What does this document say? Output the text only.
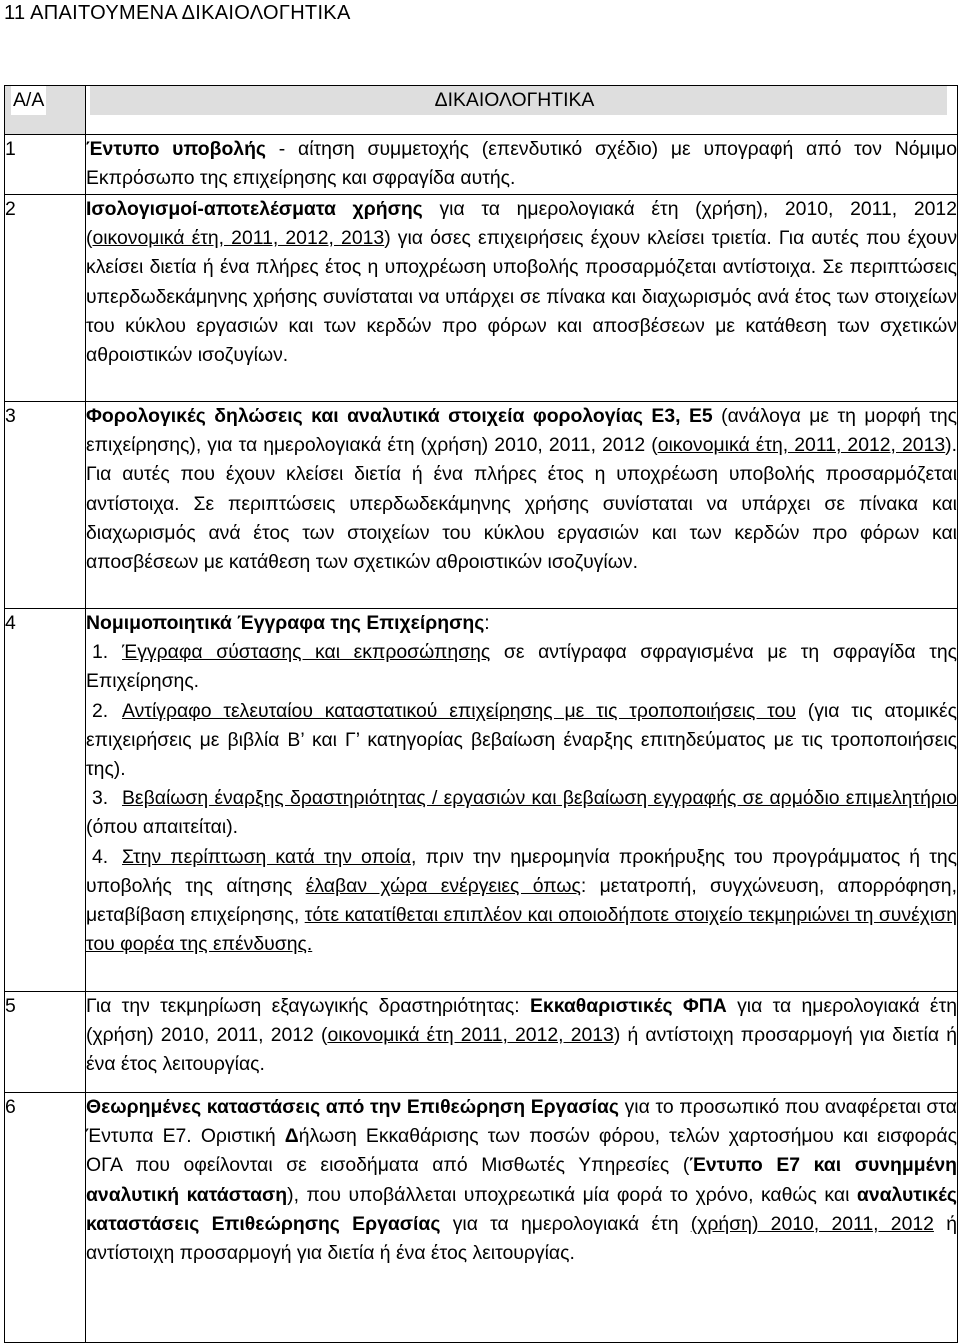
11 ΑΠΑΙΤΟΥΜΕΝΑ ΔΙΚΑΙΟΛΟΓΗΤΙΚΑ
Α/Α	ΔΙΚΑΙΟΛΟΓΗΤΙΚΑ

1	Έντυπο υποβολής - αίτηση συμμετοχής (επενδυτικό σχέδιο) με υπογραφή από τον Νόμιμο Εκπρόσωπο της επιχείρησης και σφραγίδα αυτής.
2	Ισολογισμοί-αποτελέσματα χρήσης για τα ημερολογιακά έτη (χρήση), 2010, 2011, 2012 (οικονομικά έτη, 2011, 2012, 2013) για όσες επιχειρήσεις έχουν κλείσει τριετία. Για αυτές που έχουν κλείσει διετία ή ένα πλήρες έτος η υποχρέωση υποβολής προσαρμόζεται αντίστοιχα. Σε περιπτώσεις υπερδωδεκάμηνης χρήσης συνίσταται να υπάρχει σε πίνακα και διαχωρισμός ανά έτος των στοιχείων του κύκλου εργασιών και των κερδών προ φόρων και αποσβέσεων με κατάθεση των σχετικών αθροιστικών ισοζυγίων.
3	Φορολογικές δηλώσεις και αναλυτικά στοιχεία φορολογίας Ε3, Ε5 (ανάλογα με τη μορφή της επιχείρησης), για τα ημερολογιακά έτη (χρήση) 2010, 2011, 2012 (οικονομικά έτη, 2011, 2012, 2013). Για αυτές που έχουν κλείσει διετία ή ένα πλήρες έτος η υποχρέωση υποβολής προσαρμόζεται αντίστοιχα. Σε περιπτώσεις υπερδωδεκάμηνης χρήσης συνίσταται να υπάρχει σε πίνακα και διαχωρισμός ανά έτος των στοιχείων του κύκλου εργασιών και των κερδών προ φόρων και αποσβέσεων με κατάθεση των σχετικών αθροιστικών ισοζυγίων.
4	Νομιμοποιητικά Έγγραφα της Επιχείρησης:
1. Έγγραφα σύστασης και εκπροσώπησης σε αντίγραφα σφραγισμένα με τη σφραγίδα της Επιχείρησης.
2. Αντίγραφο τελευταίου καταστατικού επιχείρησης με τις τροποποιήσεις του (για τις ατομικές επιχειρήσεις με βιβλία Β’ και Γ’ κατηγορίας βεβαίωση έναρξης επιτηδεύματος με τις τροποποιήσεις της).
3. Βεβαίωση έναρξης δραστηριότητας / εργασιών και βεβαίωση εγγραφής σε αρμόδιο επιμελητήριο (όπου απαιτείται).
4. Στην περίπτωση κατά την οποία, πριν την ημερομηνία προκήρυξης του προγράμματος ή της υποβολής της αίτησης έλαβαν χώρα ενέργειες όπως: μετατροπή, συγχώνευση, απορρόφηση, μεταβίβαση επιχείρησης, τότε κατατίθεται επιπλέον και οποιοδήποτε στοιχείο τεκμηριώνει τη συνέχιση του φορέα της επένδυσης.

5	Για την τεκμηρίωση εξαγωγικής δραστηριότητας: Εκκαθαριστικές ΦΠΑ για τα ημερολογιακά έτη (χρήση) 2010, 2011, 2012 (οικονομικά έτη 2011, 2012, 2013) ή αντίστοιχη προσαρμογή για διετία ή ένα έτος λειτουργίας.
6	Θεωρημένες καταστάσεις από την Επιθεώρηση Εργασίας για το προσωπικό που αναφέρεται στα Έντυπα Ε7. Οριστική Δήλωση Εκκαθάρισης των ποσών φόρου, τελών χαρτοσήμου και εισφοράς ΟΓΑ που οφείλονται σε εισοδήματα από Μισθωτές Υπηρεσίες (Έντυπο Ε7 και συνημμένη αναλυτική κατάσταση), που υποβάλλεται υποχρεωτικά μία φορά το χρόνο, καθώς και αναλυτικές καταστάσεις Επιθεώρησης Εργασίας για τα ημερολογιακά έτη (χρήση) 2010, 2011, 2012 ή αντίστοιχη προσαρμογή για διετία ή ένα έτος λειτουργίας.
